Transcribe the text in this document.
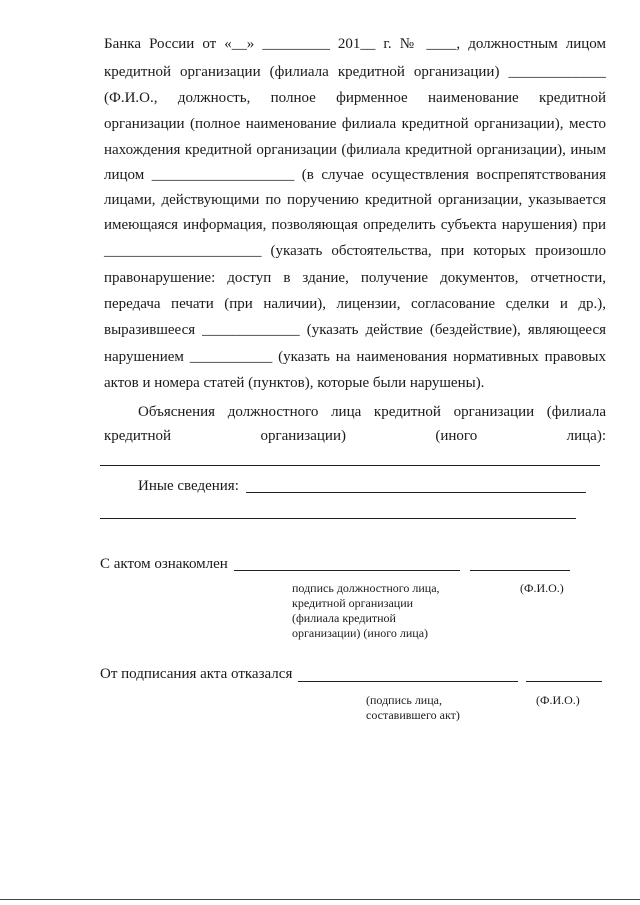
Банка России от «__» _________ 201__ г. № ____, должностным лицом
кредитной организации (филиала кредитной организации) _____________
(Ф.И.О., должность, полное фирменное наименование кредитной
организации (полное наименование филиала кредитной организации), место
нахождения кредитной организации (филиала кредитной организации), иным
лицом ___________________ (в случае осуществления воспрепятствования
лицами, действующими по поручению кредитной организации, указывается
имеющаяся информация, позволяющая определить субъекта нарушения) при
_____________________ (указать обстоятельства, при которых произошло
правонарушение: доступ в здание, получение документов, отчетности,
передача печати (при наличии), лицензии, согласование сделки и др.),
выразившееся _____________ (указать действие (бездействие), являющееся
нарушением ___________ (указать на наименования нормативных правовых
актов и номера статей (пунктов), которые были нарушены).
Объяснения должностного лица кредитной организации (филиала
кредитной организации) (иного лица):
Иные сведения:
С актом ознакомлен
подпись должностного лица,
кредитной организации
(филиала кредитной
организации) (иного лица)
(Ф.И.О.)
От подписания акта отказался
(подпись лица,
составившего акт)
(Ф.И.О.)
